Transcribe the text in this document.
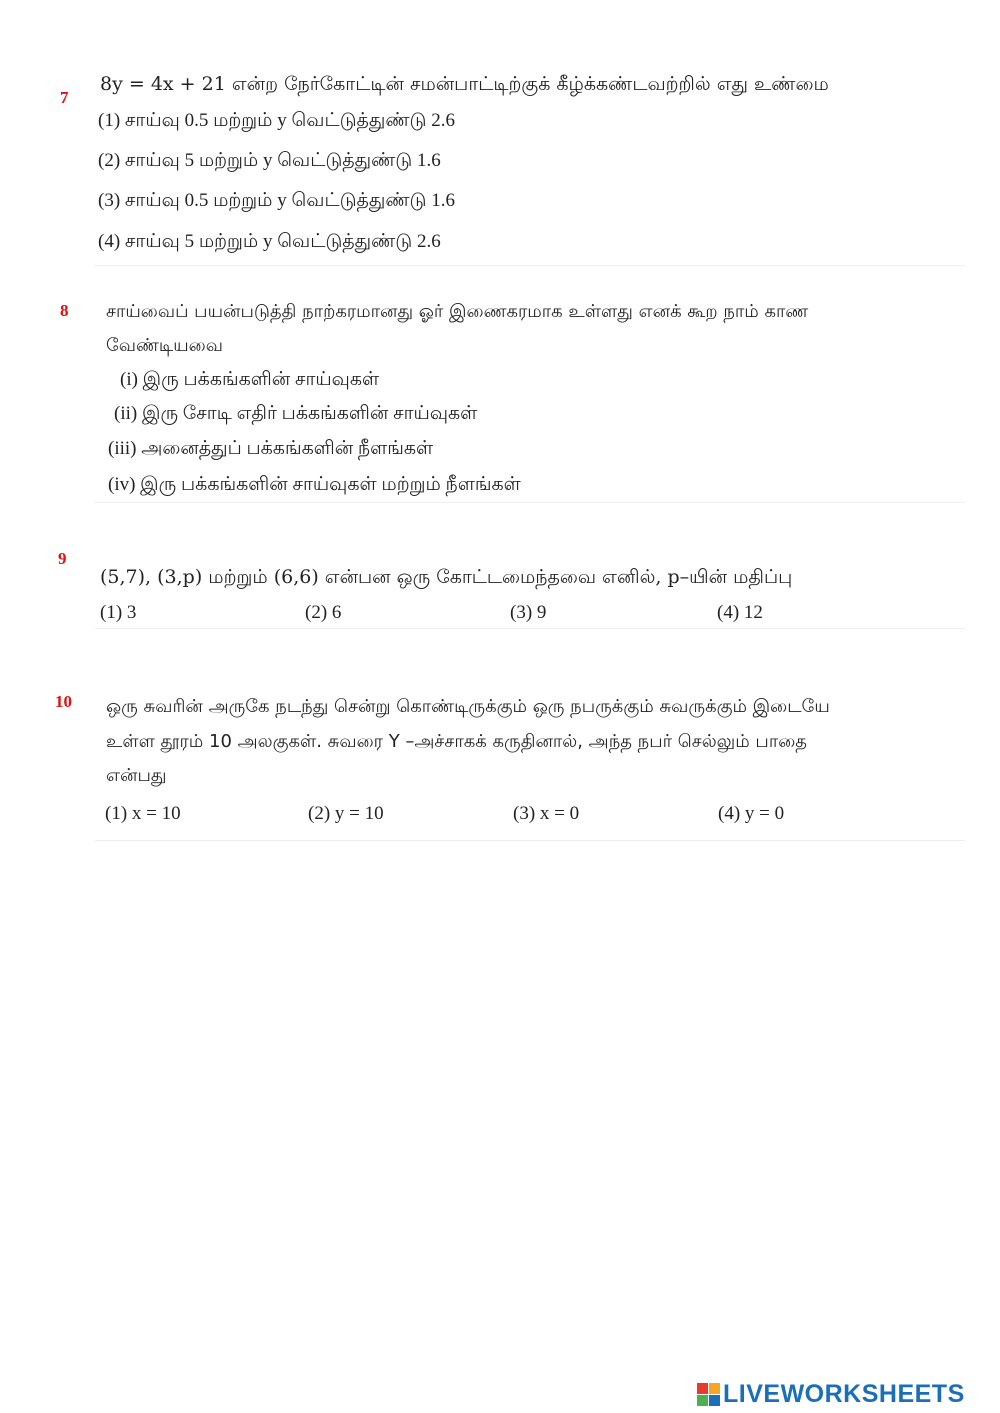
7
8y = 4x + 21 என்ற நேர்கோட்டின் சமன்பாட்டிற்குக் கீழ்க்கண்டவற்றில் எது உண்மை
(1) சாய்வு 0.5 மற்றும் y வெட்டுத்துண்டு 2.6
(2) சாய்வு 5 மற்றும் y வெட்டுத்துண்டு 1.6
(3) சாய்வு 0.5 மற்றும் y வெட்டுத்துண்டு 1.6
(4) சாய்வு 5 மற்றும் y வெட்டுத்துண்டு 2.6
8 சாய்வைப் பயன்படுத்தி நாற்கரமானது ஓர் இணைகரமாக உள்ளது எனக் கூற நாம் காண
வேண்டியவை
(i) இரு பக்கங்களின் சாய்வுகள்
(ii) இரு சோடி எதிர் பக்கங்களின் சாய்வுகள்
(iii) அனைத்துப் பக்கங்களின் நீளங்கள்
(iv) இரு பக்கங்களின் சாய்வுகள் மற்றும் நீளங்கள்
9
(5,7), (3,p) மற்றும் (6,6) என்பன ஒரு கோட்டமைந்தவை எனில், p–யின் மதிப்பு
(1) 3	(2) 6	(3) 9	(4) 12
10 ஒரு சுவரின் அருகே நடந்து சென்று கொண்டிருக்கும் ஒரு நபருக்கும் சுவருக்கும் இடையே
உள்ள தூரம் 10 அலகுகள். சுவரை Y –அச்சாகக் கருதினால், அந்த நபர் செல்லும் பாதை
என்பது
(1) x = 10	(2) y = 10	(3) x = 0	(4) y = 0
LIVEWORKSHEETS
